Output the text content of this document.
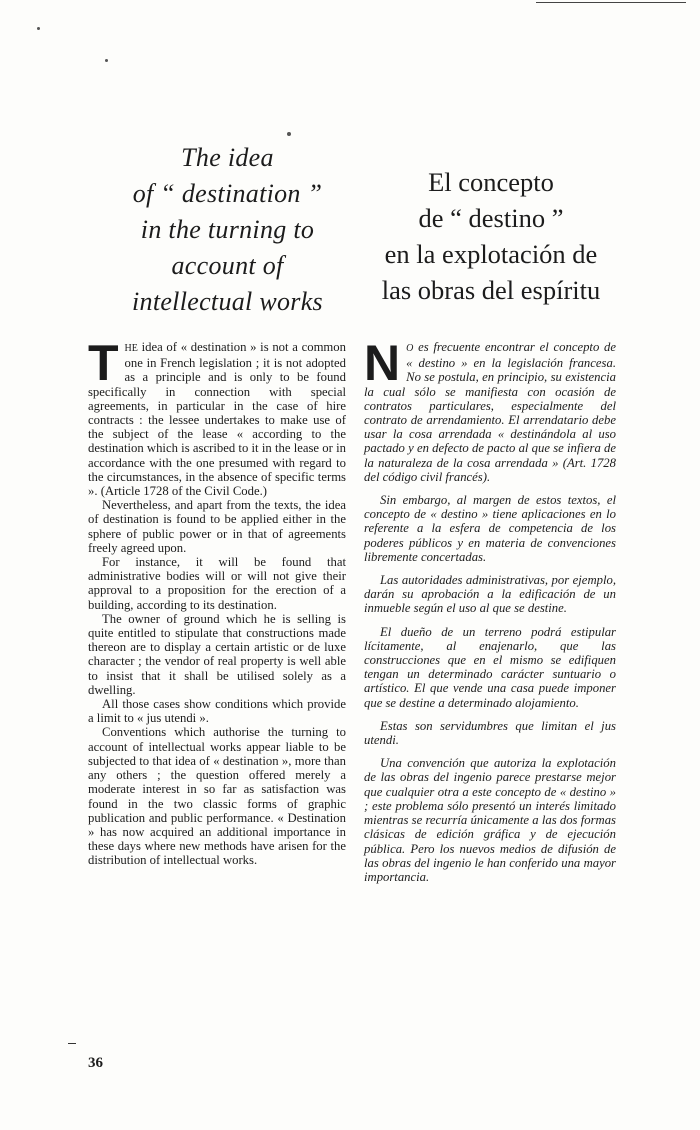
The idea
of “ destination ”
in the turning to
account of
intellectual works
El concepto
de “ destino ”
en la explotación de
las obras del espíritu

THE idea of « destination » is not a common one in French legislation ; it is not adopted as a principle and is only to be found specifically in connection with special agreements, in particular in the case of hire contracts : the lessee undertakes to make use of the subject of the lease « according to the destination which is ascribed to it in the lease or in accordance with the one presumed with regard to the circumstances, in the absence of specific terms ». (Article 1728 of the Civil Code.)

Nevertheless, and apart from the texts, the idea of destination is found to be applied either in the sphere of public power or in that of agreements freely agreed upon.

For instance, it will be found that administrative bodies will or will not give their approval to a proposition for the erection of a building, according to its destination.

The owner of ground which he is selling is quite entitled to stipulate that constructions made thereon are to display a certain artistic or de luxe character ; the vendor of real property is well able to insist that it shall be utilised solely as a dwelling.

All those cases show conditions which provide a limit to « jus utendi ».

Conventions which authorise the turning to account of intellectual works appear liable to be subjected to that idea of « destination », more than any others ; the question offered merely a moderate interest in so far as satisfaction was found in the two classic forms of graphic publication and public performance. « Destination » has now acquired an additional importance in these days where new methods have arisen for the distribution of intellectual works.

N O es frecuente encontrar el concepto de « destino » en la legislación francesa. No se postula, en principio, su existencia la cual sólo se manifiesta con ocasión de contratos particulares, especialmente del contrato de arrendamiento. El arrendatario debe usar la cosa arrendada « destinándola al uso pactado y en defecto de pacto al que se infiera de la naturaleza de la cosa arrendada » (Art. 1728 del código civil francés).

Sin embargo, al margen de estos textos, el concepto de « destino » tiene aplicaciones en lo referente a la esfera de competencia de los poderes públicos y en materia de convenciones libremente concertadas.

Las autoridades administrativas, por ejemplo, darán su aprobación a la edificación de un inmueble según el uso al que se destine.

El dueño de un terreno podrá estipular lícitamente, al enajenarlo, que las construcciones que en el mismo se edifiquen tengan un determinado carácter suntuario o artístico. El que vende una casa puede imponer que se destine a determinado alojamiento.

Estas son servidumbres que limitan el jus utendi.

Una convención que autoriza la explotación de las obras del ingenio parece prestarse mejor que cualquier otra a este concepto de « destino » ; este problema sólo presentó un interés limitado mientras se recurría únicamente a las dos formas clásicas de edición gráfica y de ejecución pública. Pero los nuevos medios de difusión de las obras del ingenio le han conferido una mayor importancia.

36
